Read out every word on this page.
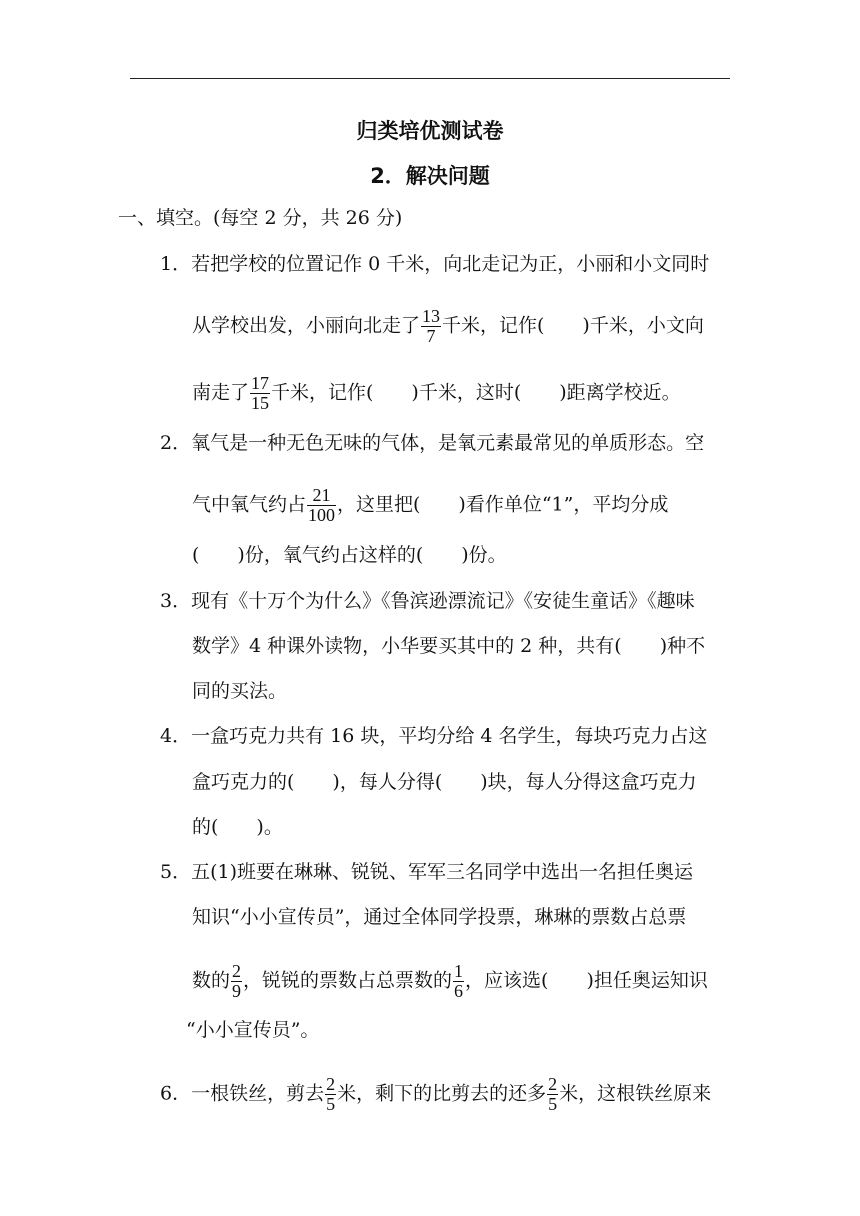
归类培优测试卷
2．解决问题
一、填空。(每空 2 分，共 26 分)
1．若把学校的位置记作 0 千米，向北走记为正，小丽和小文同时
从学校出发，小丽向北走了 $\frac{13}{7}$ 千米，记作(　　)千米，小文向
南走了 $\frac{17}{15}$ 千米，记作(　　)千米，这时(　　)距离学校近。
2．氧气是一种无色无味的气体，是氧元素最常见的单质形态。空
气中氧气约占 $\frac{21}{100}$ ，这里把(　　)看作单位“1”，平均分成
(　　)份，氧气约占这样的(　　)份。
3．现有《十万个为什么》《鲁滨逊漂流记》《安徒生童话》《趣味
数学》4 种课外读物，小华要买其中的 2 种，共有(　　)种不
同的买法。
4．一盒巧克力共有 16 块，平均分给 4 名学生，每块巧克力占这
盒巧克力的(　　)，每人分得(　　)块，每人分得这盒巧克力
的(　　)。
5．五(1)班要在琳琳、锐锐、军军三名同学中选出一名担任奥运
知识“小小宣传员”，通过全体同学投票，琳琳的票数占总票
数的 $\frac{2}{9}$ ，锐锐的票数占总票数的 $\frac{1}{6}$ ，应该选(　　)担任奥运知识
“小小宣传员”。
6．一根铁丝，剪去 $\frac{2}{5}$ 米，剩下的比剪去的还多 $\frac{2}{5}$ 米，这根铁丝原来
